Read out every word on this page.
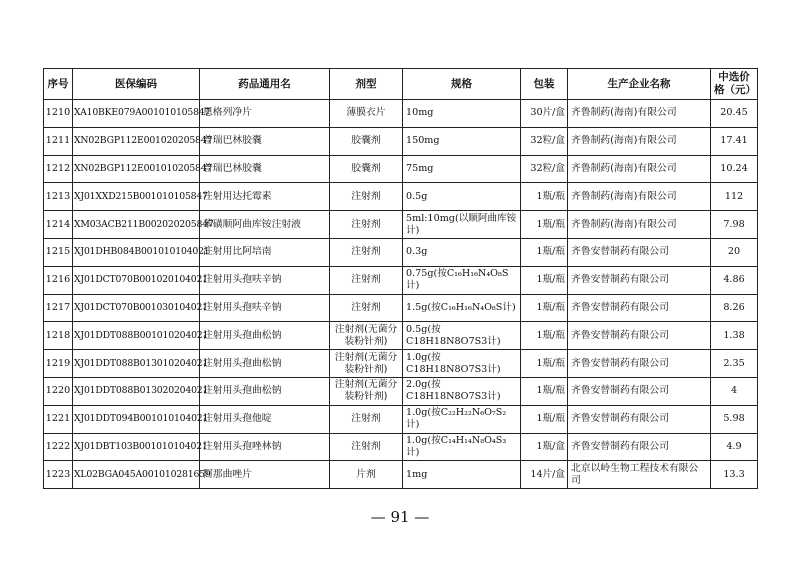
序号	医保编码	药品通用名	剂型	规格	包装	生产企业名称	中选价格（元）
1210	XA10BKE079A001010105847	恩格列净片	薄膜衣片	10mg	30片/盒	齐鲁制药(海南)有限公司	20.45
1211	XN02BGP112E001020205847	普瑞巴林胶囊	胶囊剂	150mg	32粒/盒	齐鲁制药(海南)有限公司	17.41
1212	XN02BGP112E001010205847	普瑞巴林胶囊	胶囊剂	75mg	32粒/盒	齐鲁制药(海南)有限公司	10.24
1213	XJ01XXD215B001010105847	注射用达托霉素	注射剂	0.5g	1瓶/瓶	齐鲁制药(海南)有限公司	112
1214	XM03ACB211B002020205847	苯磺顺阿曲库铵注射液	注射剂	5ml:10mg(以顺阿曲库铵计)	1瓶/瓶	齐鲁制药(海南)有限公司	7.98
1215	XJ01DHB084B001010104021	注射用比阿培南	注射剂	0.3g	1瓶/瓶	齐鲁安替制药有限公司	20
1216	XJ01DCT070B001020104021	注射用头孢呋辛钠	注射剂	0.75g(按C₁₆H₁₆N₄O₈S计)	1瓶/瓶	齐鲁安替制药有限公司	4.86
1217	XJ01DCT070B001030104021	注射用头孢呋辛钠	注射剂	1.5g(按C₁₆H₁₆N₄O₈S计)	1瓶/瓶	齐鲁安替制药有限公司	8.26
1218	XJ01DDT088B001010204021	注射用头孢曲松钠	注射剂(无菌分装粉针剂)	0.5g(按C18H18N8O7S3计)	1瓶/瓶	齐鲁安替制药有限公司	1.38
1219	XJ01DDT088B013010204021	注射用头孢曲松钠	注射剂(无菌分装粉针剂)	1.0g(按C18H18N8O7S3计)	1瓶/瓶	齐鲁安替制药有限公司	2.35
1220	XJ01DDT088B013020204021	注射用头孢曲松钠	注射剂(无菌分装粉针剂)	2.0g(按C18H18N8O7S3计)	1瓶/瓶	齐鲁安替制药有限公司	4
1221	XJ01DDT094B001010104021	注射用头孢他啶	注射剂	1.0g(按C₂₂H₂₂N₆O₇S₂计)	1瓶/瓶	齐鲁安替制药有限公司	5.98
1222	XJ01DBT103B001010104021	注射用头孢唑林钠	注射剂	1.0g(按C₁₄H₁₄N₈O₄S₃计)	1瓶/盒	齐鲁安替制药有限公司	4.9
1223	XL02BGA045A001010281659	阿那曲唑片	片剂	1mg	14片/盒	北京以岭生物工程技术有限公司	13.3
— 91 —
